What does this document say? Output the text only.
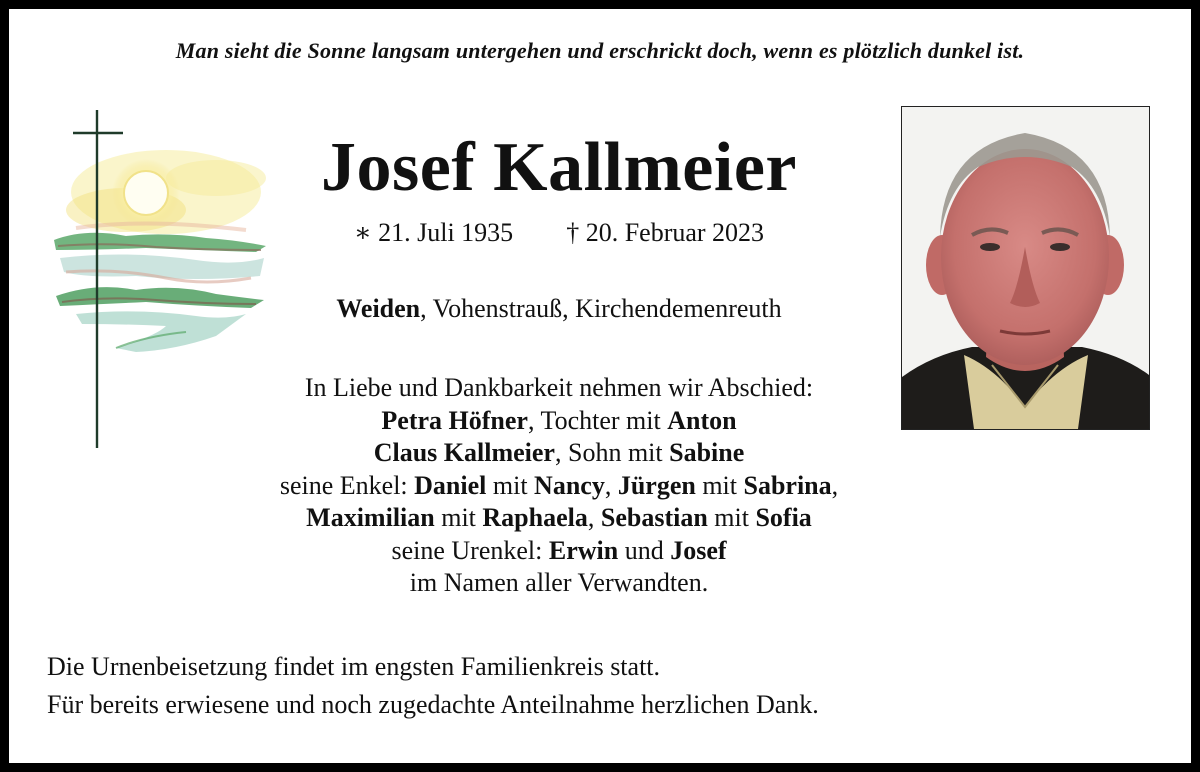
Man sieht die Sonne langsam untergehen und erschrickt doch, wenn es plötzlich dunkel ist.
Josef Kallmeier
∗ 21. Juli 1935 † 20. Februar 2023
Weiden, Vohenstrauß, Kirchendemenreuth
In Liebe und Dankbarkeit nehmen wir Abschied:
Petra Höfner, Tochter mit Anton
Claus Kallmeier, Sohn mit Sabine
seine Enkel: Daniel mit Nancy, Jürgen mit Sabrina,
Maximilian mit Raphaela, Sebastian mit Sofia
seine Urenkel: Erwin und Josef
im Namen aller Verwandten.
Die Urnenbeisetzung findet im engsten Familienkreis statt.
Für bereits erwiesene und noch zugedachte Anteilnahme herzlichen Dank.
